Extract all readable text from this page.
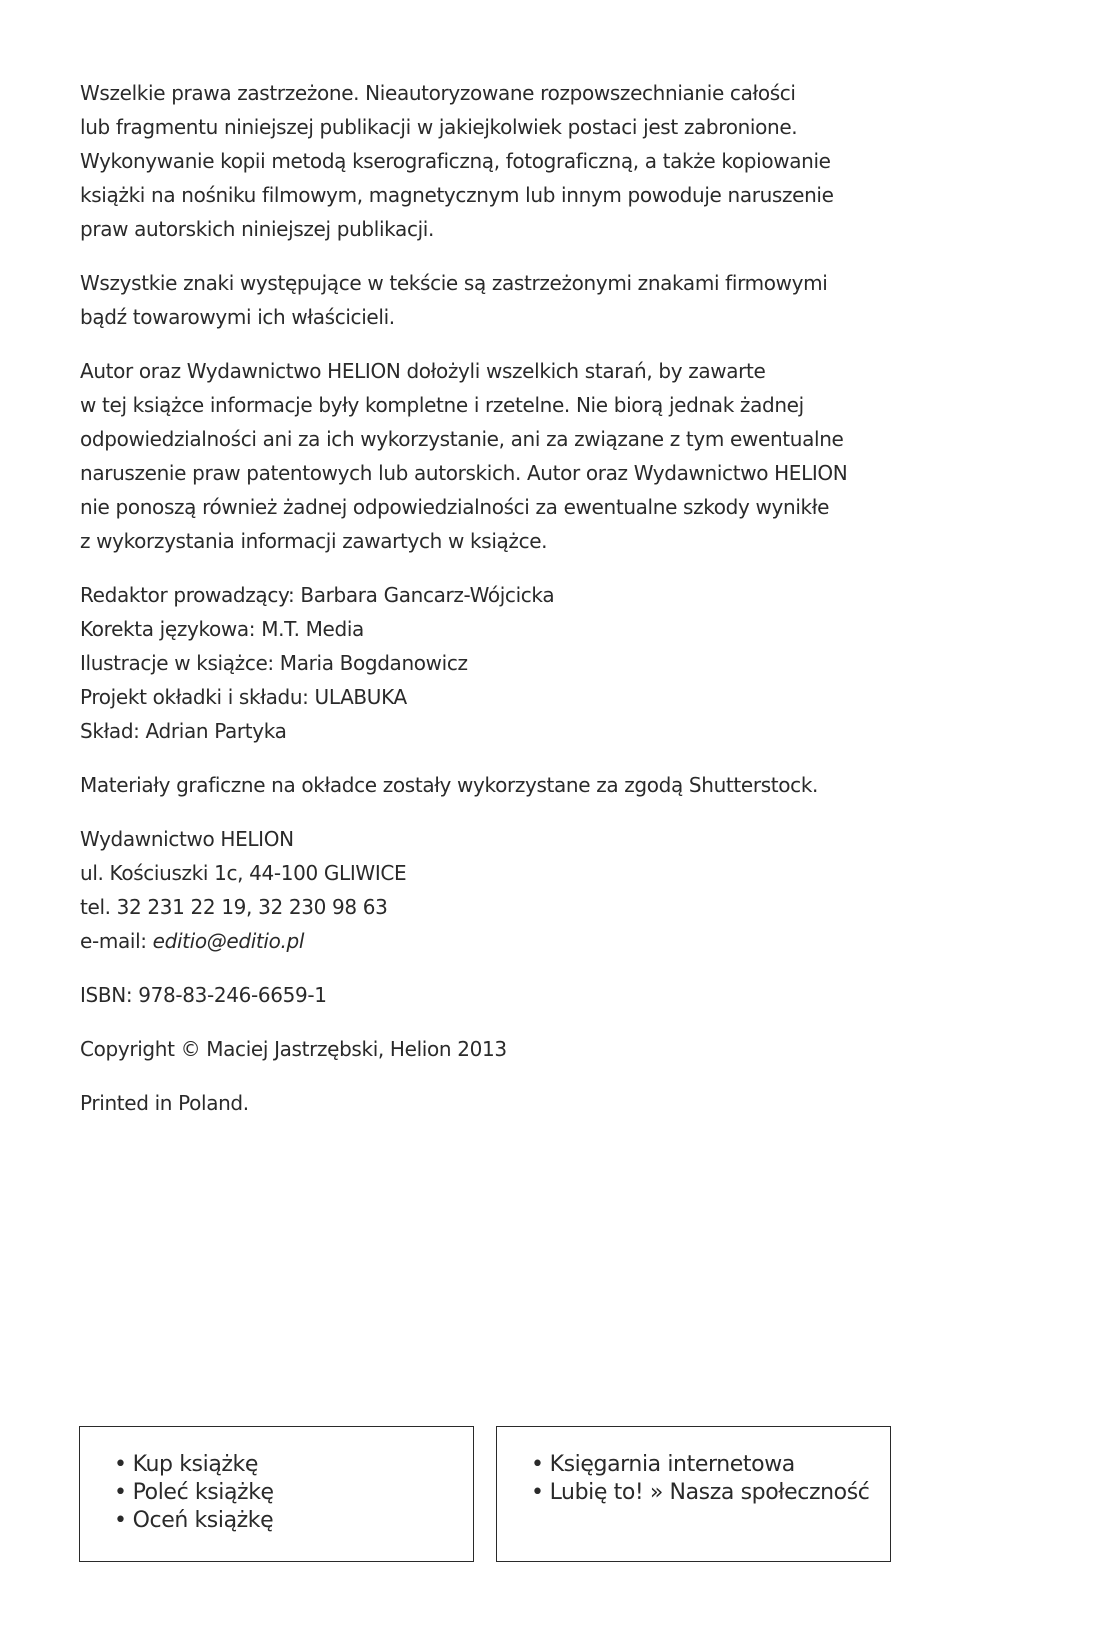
Wszelkie prawa zastrzeżone. Nieautoryzowane rozpowszechnianie całości
lub fragmentu niniejszej publikacji w jakiejkolwiek postaci jest zabronione.
Wykonywanie kopii metodą kserograficzną, fotograficzną, a także kopiowanie
książki na nośniku filmowym, magnetycznym lub innym powoduje naruszenie
praw autorskich niniejszej publikacji.

Wszystkie znaki występujące w tekście są zastrzeżonymi znakami firmowymi
bądź towarowymi ich właścicieli.

Autor oraz Wydawnictwo HELION dołożyli wszelkich starań, by zawarte
w tej książce informacje były kompletne i rzetelne. Nie biorą jednak żadnej
odpowiedzialności ani za ich wykorzystanie, ani za związane z tym ewentualne
naruszenie praw patentowych lub autorskich. Autor oraz Wydawnictwo HELION
nie ponoszą również żadnej odpowiedzialności za ewentualne szkody wynikłe
z wykorzystania informacji zawartych w książce.

Redaktor prowadzący: Barbara Gancarz-Wójcicka
Korekta językowa: M.T. Media
Ilustracje w książce: Maria Bogdanowicz
Projekt okładki i składu: ULABUKA
Skład: Adrian Partyka

Materiały graficzne na okładce zostały wykorzystane za zgodą Shutterstock.

Wydawnictwo HELION
ul. Kościuszki 1c, 44-100 GLIWICE
tel. 32 231 22 19, 32 230 98 63
e-mail: editio@editio.pl

ISBN: 978-83-246-6659-1

Copyright © Maciej Jastrzębski, Helion 2013

Printed in Poland.

• Kup książkę
• Poleć książkę
• Oceń książkę
• Księgarnia internetowa
• Lubię to! » Nasza społeczność
